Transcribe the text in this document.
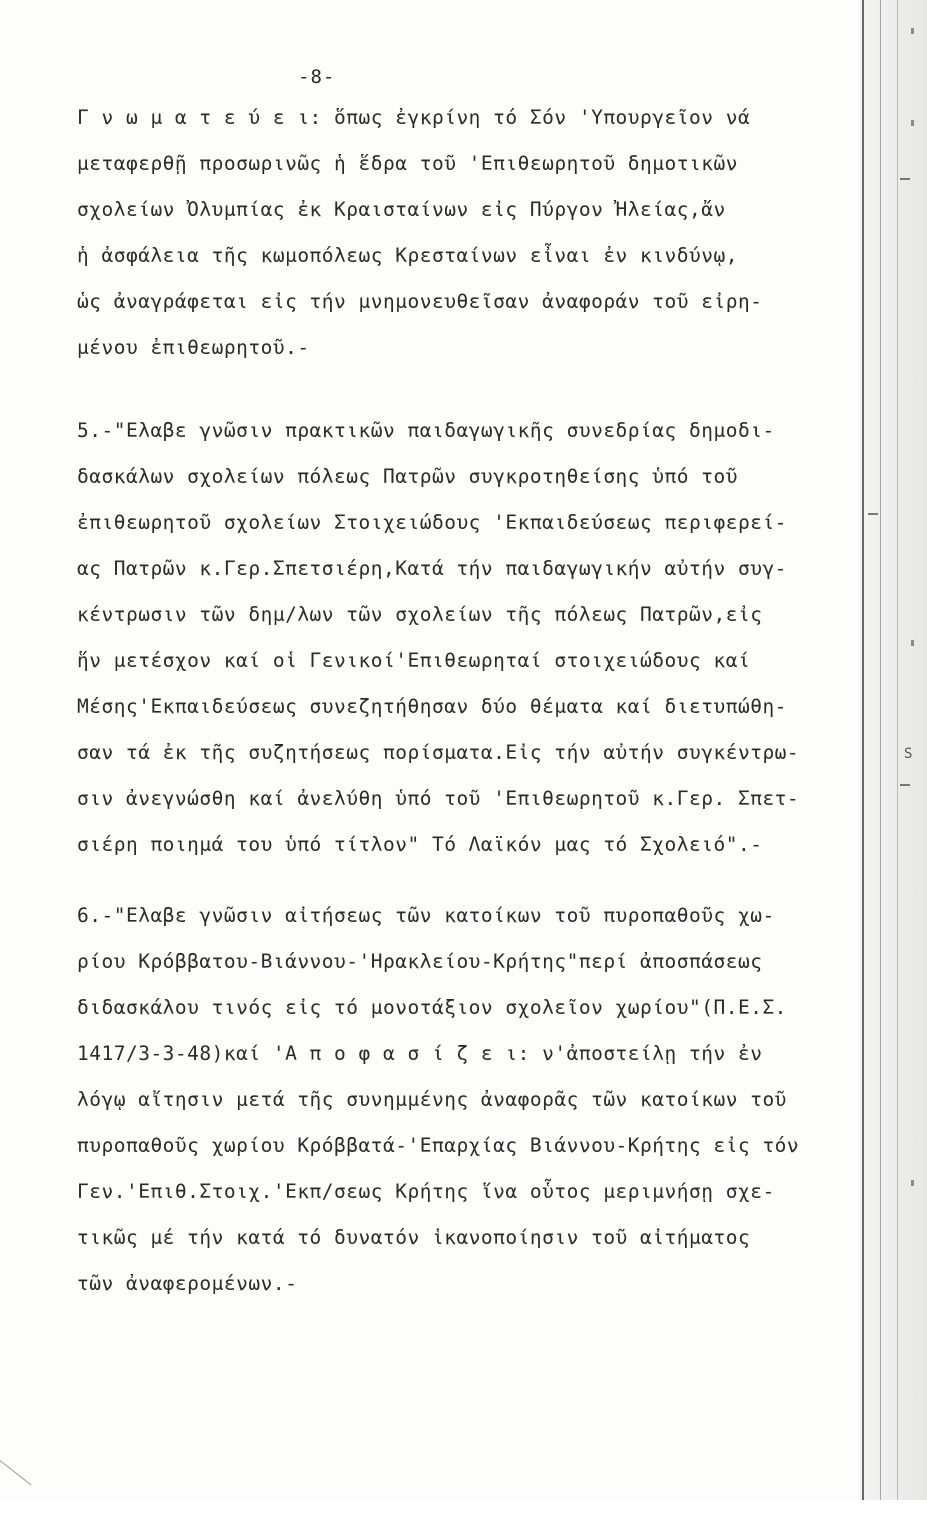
S
-8-
Γ ν ω μ α τ ε ύ ε ι: ὅπως ἐγκρίνη τό Σόν 'Υπουργεῖον νά
μεταφερθῇ προσωρινῶς ἡ ἕδρα τοῦ 'Επιθεωρητοῦ δημοτικῶν
σχολείων Ὀλυμπίας ἐκ Κραισταίνων εἰς Πύργον Ἠλείας,ἄν
ἡ ἀσφάλεια τῆς κωμοπόλεως Κρεσταίνων εἶναι ἐν κινδύνῳ,
ὡς ἀναγράφεται εἰς τήν μνημονευθεῖσαν ἀναφοράν τοῦ εἰρη-
μένου ἐπιθεωρητοῦ.-
5.-"Ελαβε γνῶσιν πρακτικῶν παιδαγωγικῆς συνεδρίας δημοδι-
δασκάλων σχολείων πόλεως Πατρῶν συγκροτηθείσης ὑπό τοῦ
ἐπιθεωρητοῦ σχολείων Στοιχειώδους 'Εκπαιδεύσεως περιφερεί-
ας Πατρῶν κ.Γερ.Σπετσιέρη,Κατά τήν παιδαγωγικήν αὐτήν συγ-
κέντρωσιν τῶν δημ/λων τῶν σχολείων τῆς πόλεως Πατρῶν,εἰς
ἥν μετέσχον καί οἱ Γενικοί'Επιθεωρηταί στοιχειώδους καί
Μέσης'Εκπαιδεύσεως συνεζητήθησαν δύο θέματα καί διετυπώθη-
σαν τά ἐκ τῆς συζητήσεως πορίσματα.Εἰς τήν αὐτήν συγκέντρω-
σιν ἀνεγνώσθη καί ἀνελύθη ὑπό τοῦ 'Επιθεωρητοῦ κ.Γερ. Σπετ-
σιέρη ποιημά του ὑπό τίτλον" Τό Λαϊκόν μας τό Σχολειό".-
6.-"Ελαβε γνῶσιν αἰτήσεως τῶν κατοίκων τοῦ πυροπαθοῦς χω-
ρίου Κρόββατου-Βιάννου-'Ηρακλείου-Κρήτης"περί ἀποσπάσεως
διδασκάλου τινός εἰς τό μονοτάξιον σχολεῖον χωρίου"(Π.Ε.Σ.
1417/3-3-48)καί 'Α π ο φ α σ ί ζ ε ι: ν'ἀποστείλῃ τήν ἐν
λόγῳ αἴτησιν μετά τῆς συνημμένης ἀναφορᾶς τῶν κατοίκων τοῦ
πυροπαθοῦς χωρίου Κρόββατά-'Επαρχίας Βιάννου-Κρήτης εἰς τόν
Γεν.'Επιθ.Στοιχ.'Εκπ/σεως Κρήτης ἵνα οὗτος μεριμνήσῃ σχε-
τικῶς μέ τήν κατά τό δυνατόν ἱκανοποίησιν τοῦ αἰτήματος
τῶν ἀναφερομένων.-
